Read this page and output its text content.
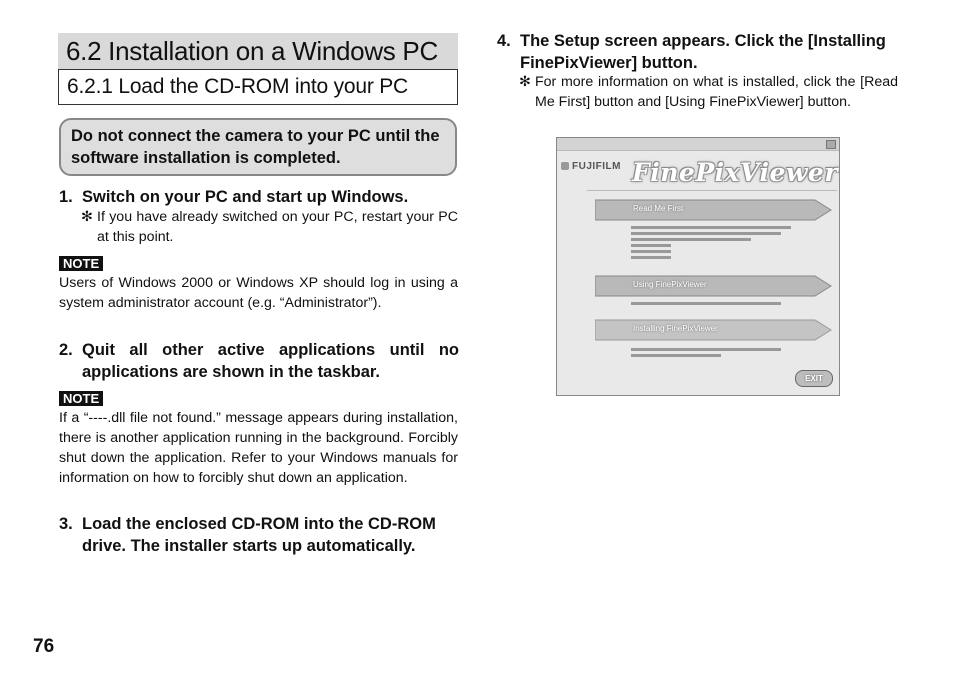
6.2 Installation on a Windows PC
6.2.1 Load the CD-ROM into your PC
Do not connect the camera to your PC until the software installation is completed.
1. Switch on your PC and start up Windows.
✻ If you have already switched on your PC, restart your PC at this point.
NOTE
Users of Windows 2000 or Windows XP should log in using a system administrator account (e.g. “Administrator”).
2. Quit all other active applications until no applications are shown in the taskbar.
NOTE
If a “----.dll file not found.” message appears during installation, there is another application running in the background. Forcibly shut down the application. Refer to your Windows manuals for information on how to forcibly shut down an application.
3. Load the enclosed CD-ROM into the CD-ROM drive. The installer starts up automatically.
76
4. The Setup screen appears. Click the [Installing FinePixViewer] button.
✻ For more information on what is installed, click the [Read Me First] button and [Using FinePixViewer] button.
FUJIFILM FinePixViewer
Read Me First
Using FinePixViewer
Installing FinePixViewer
EXIT
